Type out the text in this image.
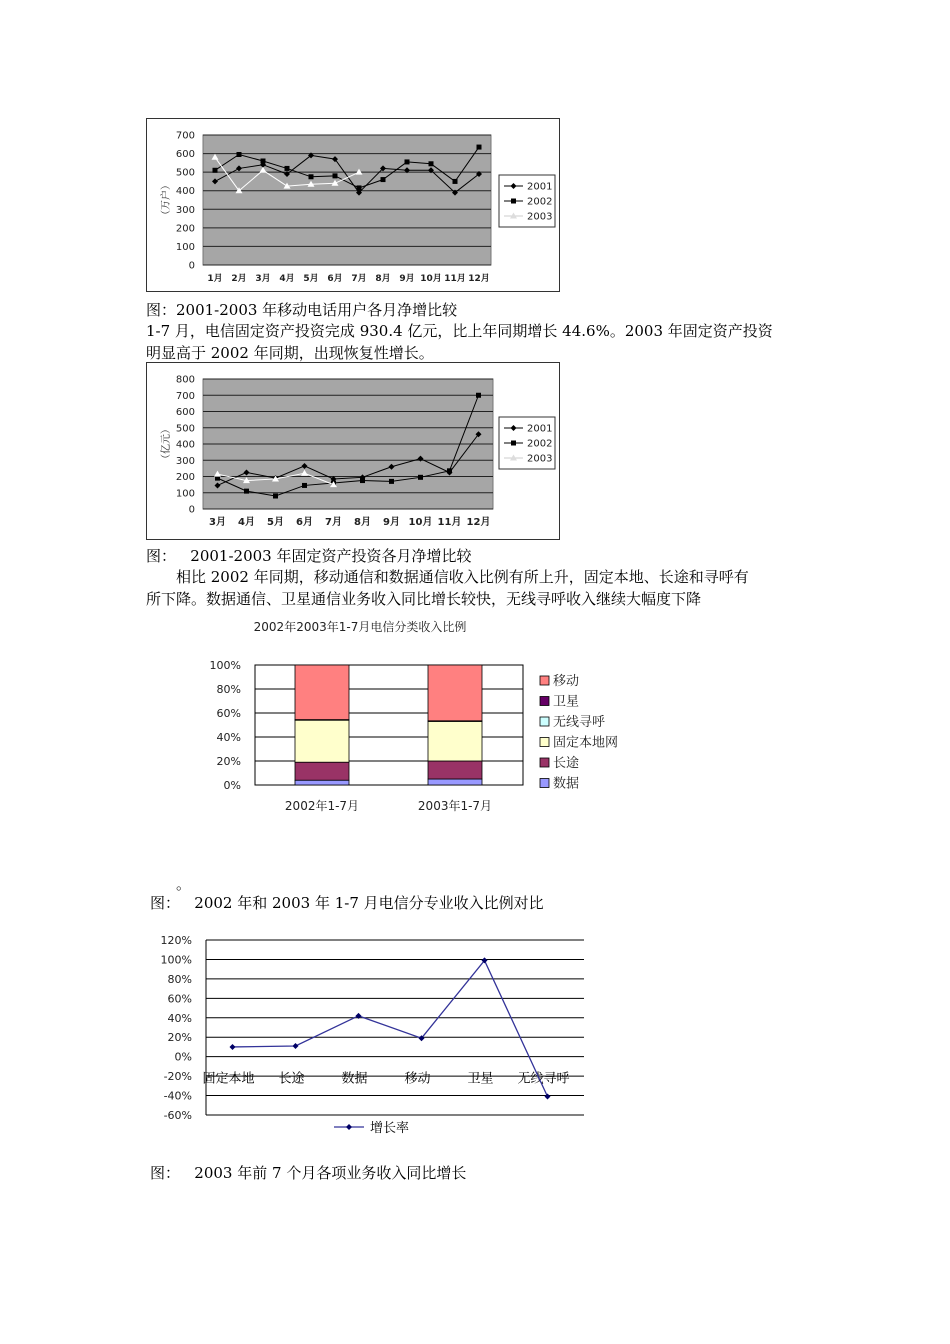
0
100
200
300
400
500
600
700
1月 2月 3月 4月 5月 6月 7月 8月 9月 10月 11月 12月
（万户）	2001
2002
2003
图：2001-2003 年移动电话用户各月净增比较
1-7 月，电信固定资产投资完成 930.4 亿元，比上年同期增长 44.6%。2003 年固定资产投资
明显高于 2002 年同期，出现恢复性增长。
0
100
200
300
400
500
600
700
800
3月 4月 5月 6月 7月 8月 9月 10月 11月 12月
（亿元）	2001
2002
2003
图：   2001-2003 年固定资产投资各月净增比较
相比 2002 年同期，移动通信和数据通信收入比例有所上升，固定本地、长途和寻呼有
所下降。数据通信、卫星通信业务收入同比增长较快，无线寻呼收入继续大幅度下降
2002年2003年1-7月电信分类收入比例
0%
20%
40%
60%
80%
100%
2002年1-7月	2003年1-7月
移动
卫星
无线寻呼
固定本地网
长途
数据
。
图：   2002 年和 2003 年 1-7 月电信分专业收入比例对比
-60%
-40%
-20%
0%
20%
40%
60%
80%
100%
120%
固定本地 长途	数据	移动	卫星 无线寻呼
增长率
图：   2003 年前 7 个月各项业务收入同比增长
